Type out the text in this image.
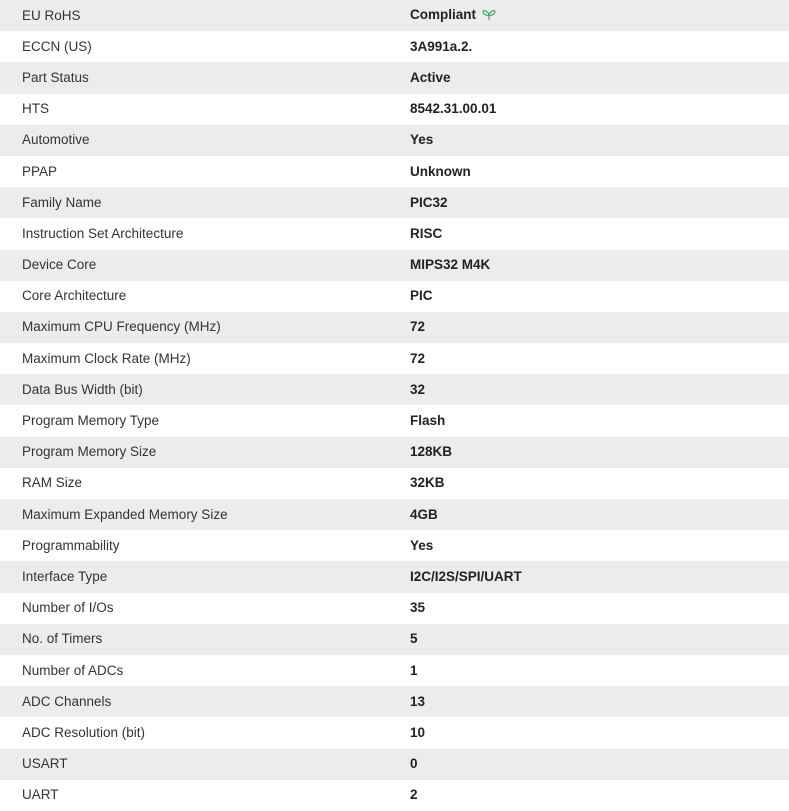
EU RoHS	Compliant
ECCN (US)	3A991a.2.
Part Status	Active
HTS	8542.31.00.01
Automotive	Yes
PPAP	Unknown
Family Name	PIC32
Instruction Set Architecture	RISC
Device Core	MIPS32 M4K
Core Architecture	PIC
Maximum CPU Frequency (MHz)	72
Maximum Clock Rate (MHz)	72
Data Bus Width (bit)	32
Program Memory Type	Flash
Program Memory Size	128KB
RAM Size	32KB
Maximum Expanded Memory Size	4GB
Programmability	Yes
Interface Type	I2C/I2S/SPI/UART
Number of I/Os	35
No. of Timers	5
Number of ADCs	1
ADC Channels	13
ADC Resolution (bit)	10
USART	0
UART	2
